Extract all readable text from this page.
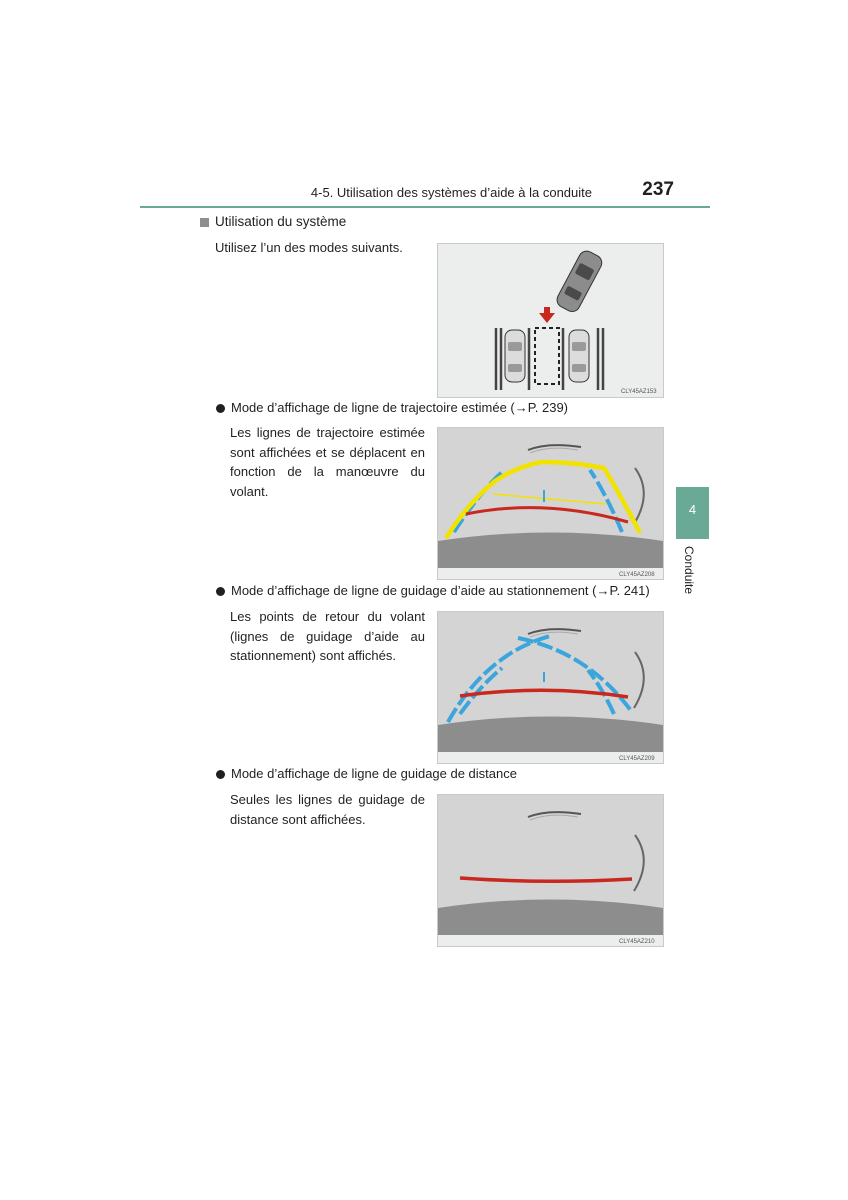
4-5. Utilisation des systèmes d’aide à la conduite	237
Utilisation du système
Utilisez l’un des modes suivants.
CLY45AZ153
Mode d’affichage de ligne de trajectoire estimée (→P. 239)
Les lignes de trajectoire estimée sont affichées et se déplacent en fonction de la manœuvre du volant.
CLY45AZ208
Mode d’affichage de ligne de guidage d’aide au stationnement (→P. 241)
Les points de retour du volant (lignes de guidage d’aide au stationnement) sont affichés.
CLY45AZ209
Mode d’affichage de ligne de guidage de distance
Seules les lignes de guidage de distance sont affichées.
CLY45AZ210
4
Conduite
